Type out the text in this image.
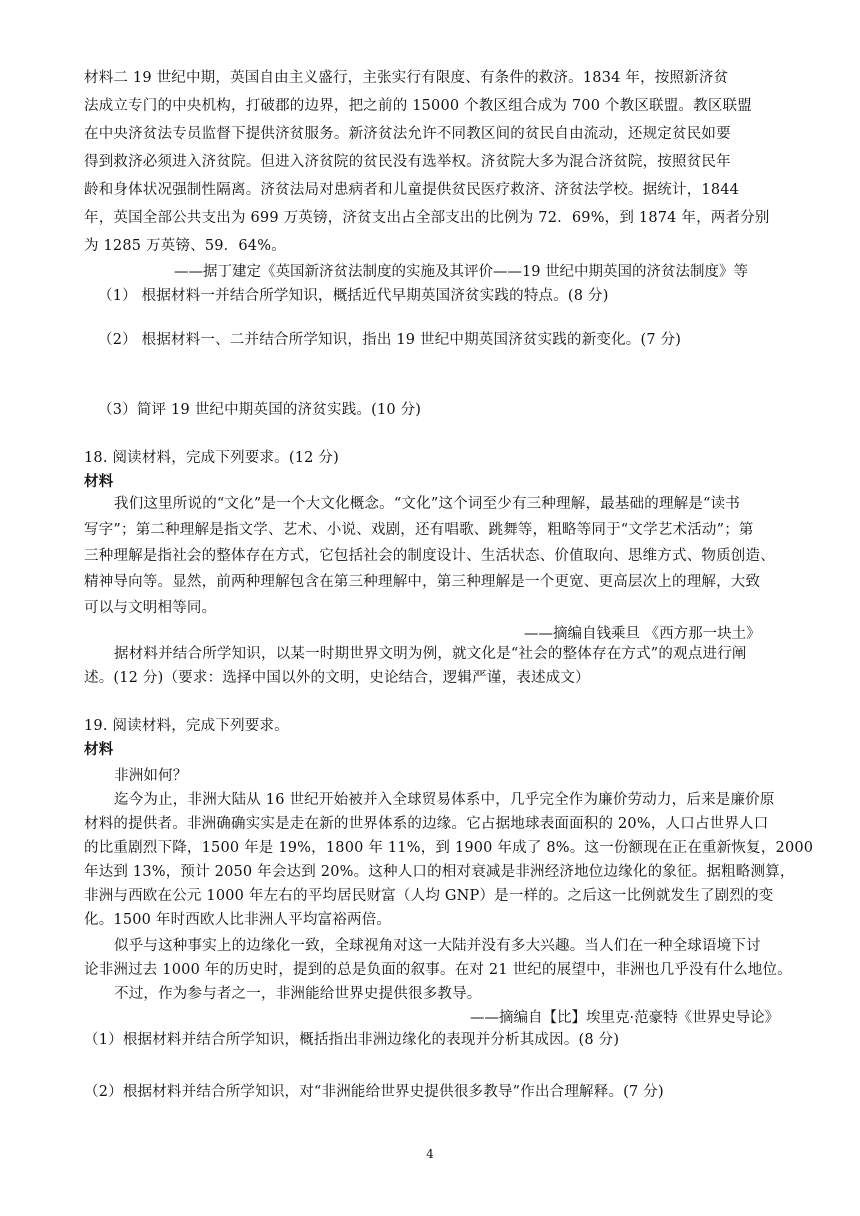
材料二 19 世纪中期，英国自由主义盛行，主张实行有限度、有条件的救济。1834 年，按照新济贫
法成立专门的中央机构，打破郡的边界，把之前的 15000 个教区组合成为 700 个教区联盟。教区联盟
在中央济贫法专员监督下提供济贫服务。新济贫法允许不同教区间的贫民自由流动，还规定贫民如要
得到救济必须进入济贫院。但进入济贫院的贫民没有选举权。济贫院大多为混合济贫院，按照贫民年
龄和身体状况强制性隔离。济贫法局对患病者和儿童提供贫民医疗救济、济贫法学校。据统计，1844
年，英国全部公共支出为 699 万英镑，济贫支出占全部支出的比例为 72．69%，到 1874 年，两者分别
为 1285 万英镑、59．64%。
——据丁建定《英国新济贫法制度的实施及其评价——19 世纪中期英国的济贫法制度》等
（1） 根据材料一并结合所学知识，概括近代早期英国济贫实践的特点。(8 分)
（2） 根据材料一、二并结合所学知识，指出 19 世纪中期英国济贫实践的新变化。(7 分)
（3）简评 19 世纪中期英国的济贫实践。(10 分)
18. 阅读材料，完成下列要求。(12 分)
材料
我们这里所说的“文化”是一个大文化概念。“文化”这个词至少有三种理解，最基础的理解是“读书
写字”；第二种理解是指文学、艺术、小说、戏剧，还有唱歌、跳舞等，粗略等同于“文学艺术活动”；第
三种理解是指社会的整体存在方式，它包括社会的制度设计、生活状态、价值取向、思维方式、物质创造、
精神导向等。显然，前两种理解包含在第三种理解中，第三种理解是一个更宽、更高层次上的理解，大致
可以与文明相等同。
——摘编自钱乘旦 《西方那一块土》
据材料并结合所学知识，以某一时期世界文明为例，就文化是“社会的整体存在方式”的观点进行阐
述。(12 分)（要求：选择中国以外的文明，史论结合，逻辑严谨，表述成文）
19. 阅读材料，完成下列要求。
材料
非洲如何？
迄今为止，非洲大陆从 16 世纪开始被并入全球贸易体系中，几乎完全作为廉价劳动力，后来是廉价原
材料的提供者。非洲确确实实是走在新的世界体系的边缘。它占据地球表面面积的 20%，人口占世界人口
的比重剧烈下降，1500 年是 19%，1800 年 11%，到 1900 年成了 8%。这一份额现在正在重新恢复，2000
年达到 13%，预计 2050 年会达到 20%。这种人口的相对衰减是非洲经济地位边缘化的象征。据粗略测算，
非洲与西欧在公元 1000 年左右的平均居民财富（人均 GNP）是一样的。之后这一比例就发生了剧烈的变
化。1500 年时西欧人比非洲人平均富裕两倍。
似乎与这种事实上的边缘化一致，全球视角对这一大陆并没有多大兴趣。当人们在一种全球语境下讨
论非洲过去 1000 年的历史时，提到的总是负面的叙事。在对 21 世纪的展望中，非洲也几乎没有什么地位。
不过，作为参与者之一，非洲能给世界史提供很多教导。
——摘编自【比】埃里克·范豪特《世界史导论》
（1）根据材料并结合所学知识，概括指出非洲边缘化的表现并分析其成因。(8 分)
（2）根据材料并结合所学知识，对“非洲能给世界史提供很多教导”作出合理解释。(7 分)
4
